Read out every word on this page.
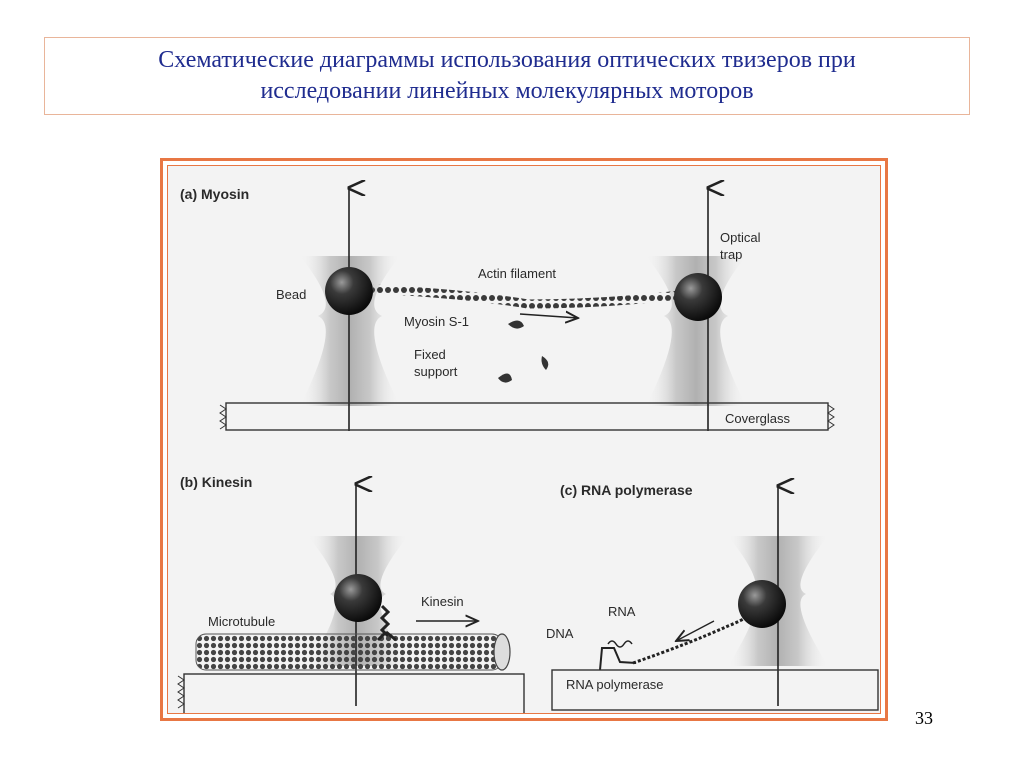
Схематические диаграммы использования оптических твизеров при
исследовании линейных молекулярных моторов
(a) Myosin
Bead
Actin filament
Optical
trap
Myosin S-1
Fixed
support
Coverglass
(b) Kinesin
Kinesin
Microtubule
(c) RNA polymerase
RNA
DNA
RNA polymerase
33
